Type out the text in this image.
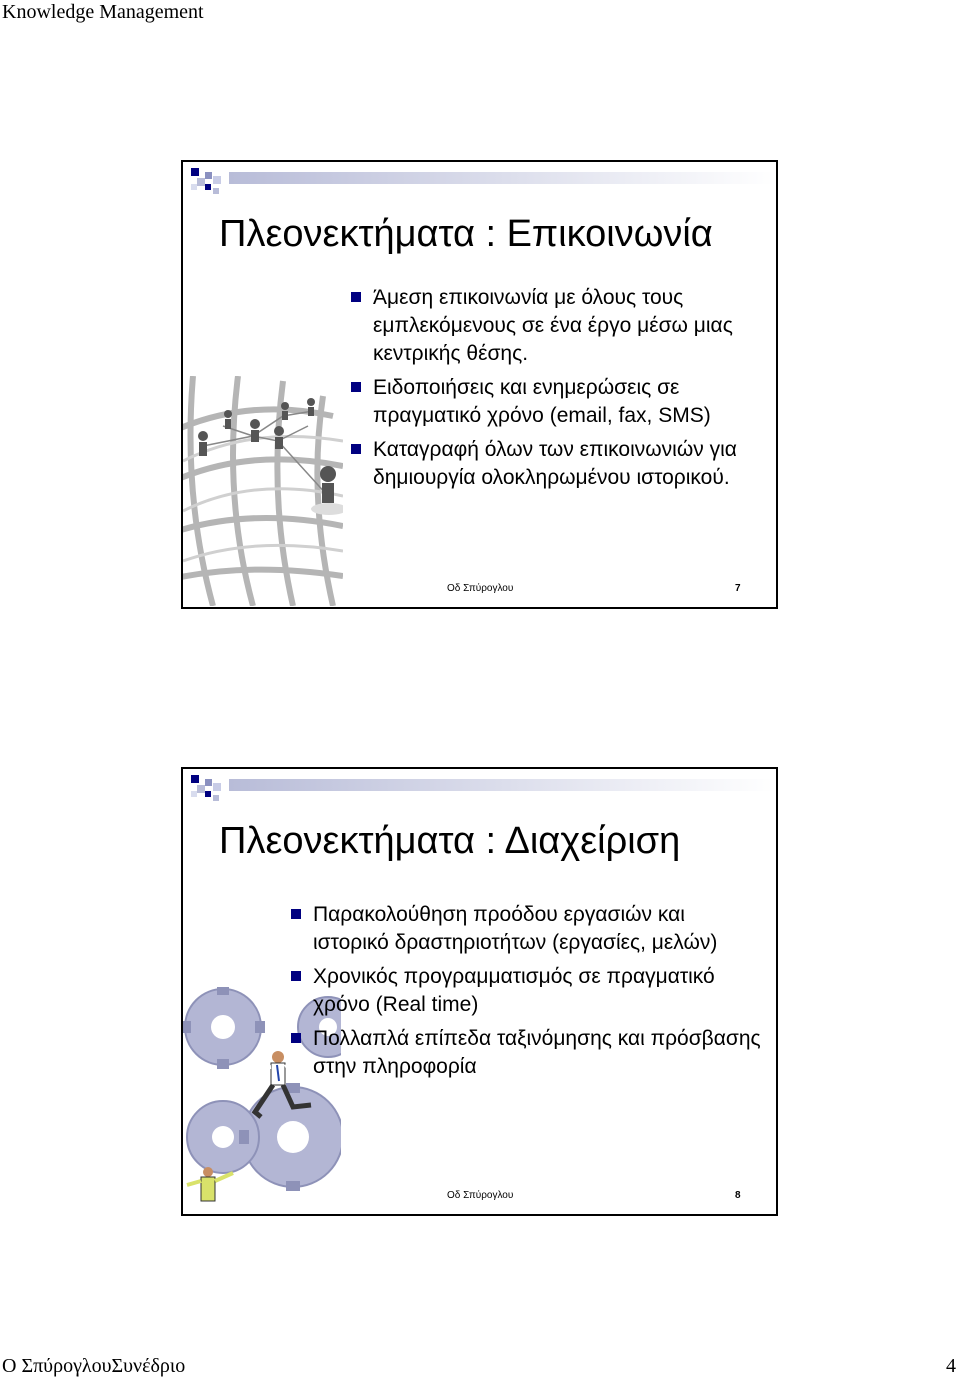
Knowledge Management
Πλεονεκτήματα : Επικοινωνία
Άμεση επικοινωνία με όλους τους εμπλεκόμενους σε ένα έργο μέσω μιας κεντρικής θέσης.
Ειδοποιήσεις και ενημερώσεις σε πραγματικό χρόνο (email, fax, SMS)
Καταγραφή όλων των επικοινωνιών για δημιουργία ολοκληρωμένου ιστορικού.
Οδ Σπύρογλου	7
Πλεονεκτήματα : Διαχείριση
Παρακολούθηση προόδου εργασιών και ιστορικό δραστηριοτήτων (εργασίες, μελών)
Χρονικός προγραμματισμός σε πραγματικό χρόνο (Real time)
Πολλαπλά επίπεδα ταξινόμησης και πρόσβασης στην πληροφορία
Οδ Σπύρογλου	8
Ο ΣπύρογλουΣυνέδριο	4
